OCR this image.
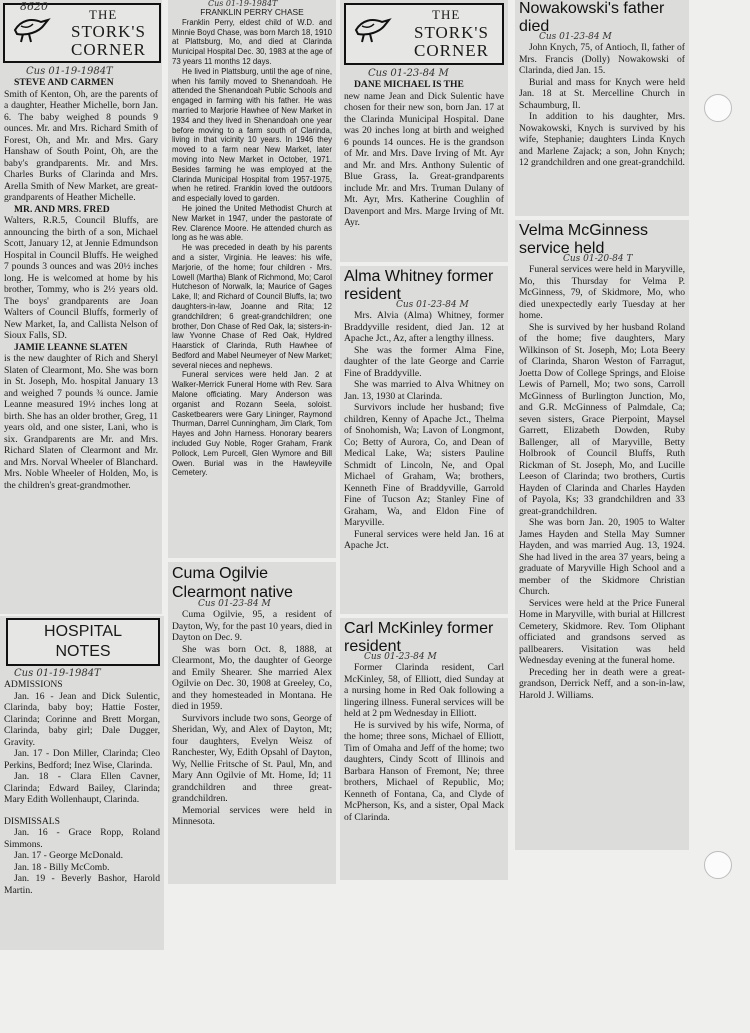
THE
STORK'S
CORNER
Cus 01-19-1984T

STEVE AND CARMEN

Smith of Kenton, Oh, are the parents of a daughter, Heather Michelle, born Jan. 6. The baby weighed 8 pounds 9 ounces. Mr. and Mrs. Richard Smith of Forest, Oh, and Mr. and Mrs. Gary Hanshaw of South Point, Oh, are the baby's grandparents. Mr. and Mrs. Charles Burks of Clarinda and Mrs. Arella Smith of New Market, are great-grandparents of Heather Michelle.

MR. AND MRS. FRED

Walters, R.R.5, Council Bluffs, are announcing the birth of a son, Michael Scott, January 12, at Jennie Edmundson Hospital in Council Bluffs. He weighed 7 pounds 3 ounces and was 20½ inches long. He is welcomed at home by his brother, Tommy, who is 2½ years old. The boys' grandparents are Joan Walters of Council Bluffs, formerly of New Market, Ia, and Callista Nelson of Sioux Falls, SD.

JAMIE LEANNE SLATEN

is the new daughter of Rich and Sheryl Slaten of Clearmont, Mo. She was born in St. Joseph, Mo. hospital January 13 and weighed 7 pounds ¾ ounce. Jamie Leanne measured 19½ inches long at birth. She has an older brother, Greg, 11 years old, and one sister, Lani, who is six. Grandparents are Mr. and Mrs. Richard Slaten of Clearmont and Mr. and Mrs. Norval Wheeler of Blanchard. Mrs. Noble Wheeler of Holden, Mo, is the children's great-grandmother.

HOSPITAL
NOTES
Cus 01-19-1984T
ADMISSIONS

Jan. 16 - Jean and Dick Sulentic, Clarinda, baby boy; Hattie Foster, Clarinda; Corinne and Brett Morgan, Clarinda, baby girl; Dale Dugger, Gravity.

Jan. 17 - Don Miller, Clarinda; Cleo Perkins, Bedford; Inez Wise, Clarinda.

Jan. 18 - Clara Ellen Cavner, Clarinda; Edward Bailey, Clarinda; Mary Edith Wollenhaupt, Clarinda.

DISMISSALS

Jan. 16 - Grace Ropp, Roland Simmons.

Jan. 17 - George McDonald.

Jan. 18 - Billy McComb.

Jan. 19 - Beverly Bashor, Harold Martin.

8620	Cus 01-19-1984T
FRANKLIN PERRY CHASE

Franklin Perry, eldest child of W.D. and Minnie Boyd Chase, was born March 18, 1910 at Plattsburg, Mo, and died at Clarinda Municipal Hospital Dec. 30, 1983 at the age of 73 years 11 months 12 days.

He lived in Plattsburg, until the age of nine, when his family moved to Shenandoah. He attended the Shenandoah Public Schools and engaged in farming with his father. He was married to Marjorie Hawhee of New Market in 1934 and they lived in Shenandoah one year before moving to a farm south of Clarinda, living in that vicinity 10 years. In 1946 they moved to a farm near New Market, later moving into New Market in October, 1971. Besides farming he was employed at the Clarinda Municipal Hospital from 1957-1975, when he retired. Franklin loved the outdoors and especially loved to garden.

He joined the United Methodist Church at New Market in 1947, under the pastorate of Rev. Clarence Moore. He attended church as long as he was able.

He was preceded in death by his parents and a sister, Virginia. He leaves: his wife, Marjorie, of the home; four children - Mrs. Lowell (Martha) Blank of Richmond, Mo; Carol Hutcheson of Norwalk, Ia; Maurice of Gages Lake, Il; and Richard of Council Bluffs, Ia; two daughters-in-law, Joanne and Rita; 12 grandchildren; 6 great-grandchildren; one brother, Don Chase of Red Oak, Ia; sisters-in-law Yvonne Chase of Red Oak, Hyldred Haarstick of Clarinda, Ruth Hawhee of Bedford and Mabel Neumeyer of New Market; several nieces and nephews.

Funeral services were held Jan. 2 at Walker-Merrick Funeral Home with Rev. Sara Malone officiating. Mary Anderson was organist and Rozann Seela, soloist. Casketbearers were Gary Lininger, Raymond Thurman, Darrel Cunningham, Jim Clark, Tom Hayes and John Harness. Honorary bearers included Guy Noble, Roger Graham, Frank Pollock, Lem Purcell, Glen Wymore and Bill Owen. Burial was in the Hawleyville Cemetery.

Cuma Ogilvie Clearmont native
Cus 01-23-84 M

Cuma Ogilvie, 95, a resident of Dayton, Wy, for the past 10 years, died in Dayton on Dec. 9.

She was born Oct. 8, 1888, at Clearmont, Mo, the daughter of George and Emily Shearer. She married Alex Ogilvie on Dec. 30, 1908 at Greeley, Co, and they homesteaded in Montana. He died in 1959.

Survivors include two sons, George of Sheridan, Wy, and Alex of Dayton, Mt; four daughters, Evelyn Weisz of Ranchester, Wy, Edith Opsahl of Dayton, Wy, Nellie Fritsche of St. Paul, Mn, and Mary Ann Ogilvie of Mt. Home, Id; 11 grandchildren and three great-grandchildren.

Memorial services were held in Minnesota.

THE
STORK'S
CORNER
Cus 01-23-84 M

DANE MICHAEL IS THE

new name Jean and Dick Sulentic have chosen for their new son, born Jan. 17 at the Clarinda Municipal Hospital. Dane was 20 inches long at birth and weighed 6 pounds 14 ounces. He is the grandson of Mr. and Mrs. Dave Irving of Mt. Ayr and Mr. and Mrs. Anthony Sulentic of Blue Grass, Ia. Great-grandparents include Mr. and Mrs. Truman Dulany of Mt. Ayr, Mrs. Katherine Coughlin of Davenport and Mrs. Marge Irving of Mt. Ayr.

Alma Whitney former resident
Cus 01-23-84 M

Mrs. Alvia (Alma) Whitney, former Braddyville resident, died Jan. 12 at Apache Jct., Az, after a lengthy illness.

She was the former Alma Fine, daughter of the late George and Carrie Fine of Braddyville.

She was married to Alva Whitney on Jan. 13, 1930 at Clarinda.

Survivors include her husband; five children, Kenny of Apache Jct., Thelma of Snohomish, Wa; Lavon of Longmont, Co; Betty of Aurora, Co, and Dean of Medical Lake, Wa; sisters Pauline Schmidt of Lincoln, Ne, and Opal Michael of Graham, Wa; brothers, Kenneth Fine of Braddyville, Garrold Fine of Tucson Az; Stanley Fine of Graham, Wa, and Eldon Fine of Maryville.

Funeral services were held Jan. 16 at Apache Jct.

Carl McKinley former resident
Cus 01-23-84 M

Former Clarinda resident, Carl McKinley, 58, of Elliott, died Sunday at a nursing home in Red Oak following a lingering illness. Funeral services will be held at 2 pm Wednesday in Elliott.

He is survived by his wife, Norma, of the home; three sons, Michael of Elliott, Tim of Omaha and Jeff of the home; two daughters, Cindy Scott of Illinois and Barbara Hanson of Fremont, Ne; three brothers, Michael of Republic, Mo; Kenneth of Fontana, Ca, and Clyde of McPherson, Ks, and a sister, Opal Mack of Clarinda.

Nowakowski's father died
Cus 01-23-84 M

John Knych, 75, of Antioch, Il, father of Mrs. Francis (Dolly) Nowakowski of Clarinda, died Jan. 15.

Burial and mass for Knych were held Jan. 18 at St. Mercelline Church in Schaumburg, Il.

In addition to his daughter, Mrs. Nowakowski, Knych is survived by his wife, Stephanie; daughters Linda Knych and Marlene Zajack; a son, John Knych; 12 grandchildren and one great-grandchild.

Velma McGinness service held
Cus 01-20-84 T

Funeral services were held in Maryville, Mo, this Thursday for Velma P. McGinness, 79, of Skidmore, Mo, who died unexpectedly early Tuesday at her home.

She is survived by her husband Roland of the home; five daughters, Mary Wilkinson of St. Joseph, Mo; Lota Beery of Clarinda, Sharon Weston of Farragut, Joetta Dow of College Springs, and Eloise Lewis of Parnell, Mo; two sons, Carroll McGinness of Burlington Junction, Mo, and G.R. McGinness of Palmdale, Ca; seven sisters, Grace Pierpoint, Maysel Garrett, Elizabeth Dowden, Ruby Ballenger, all of Maryville, Betty Holbrook of Council Bluffs, Ruth Rickman of St. Joseph, Mo, and Lucille Leeson of Clarinda; two brothers, Curtis Hayden of Clarinda and Charles Hayden of Payola, Ks; 33 grandchildren and 33 great-grandchildren.

She was born Jan. 20, 1905 to Walter James Hayden and Stella May Sumner Hayden, and was married Aug. 13, 1924. She had lived in the area 37 years, being a graduate of Maryville High School and a member of the Skidmore Christian Church.

Services were held at the Price Funeral Home in Maryville, with burial at Hillcrest Cemetery, Skidmore. Rev. Tom Oliphant officiated and grandsons served as pallbearers. Visitation was held Wednesday evening at the funeral home.

Preceding her in death were a great-grandson, Derrick Neff, and a son-in-law, Harold J. Williams.
